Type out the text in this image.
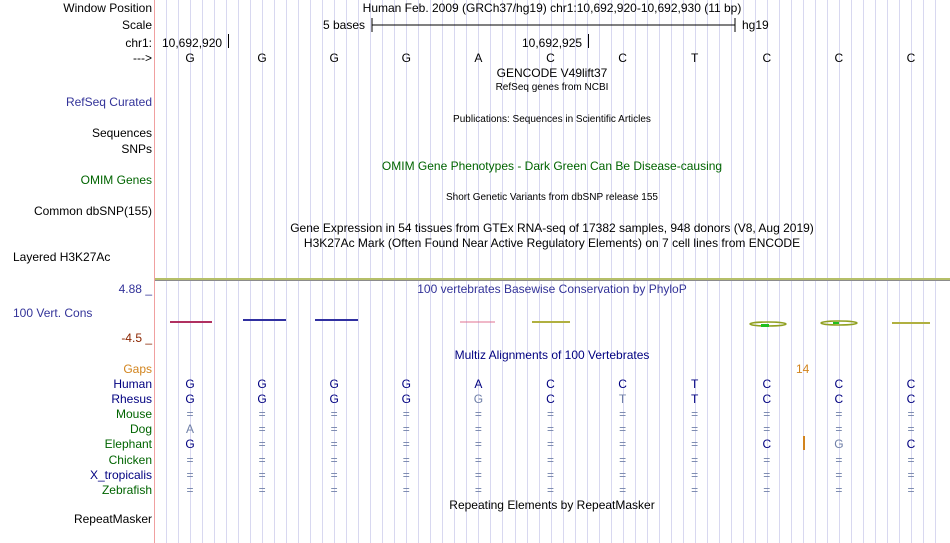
Window Position	Human Feb. 2009 (GRCh37/hg19) chr1:10,692,920-10,692,930 (11 bp)
Scale	5 bases	hg19
chr1: 10,692,920	10,692,925
--->	G	G	G	G	A	C	C	T	C	C	C
GENCODE V49lift37
RefSeq genes from NCBI
RefSeq Curated
Publications: Sequences in Scientific Articles
Sequences
SNPs
OMIM Gene Phenotypes - Dark Green Can Be Disease-causing
OMIM Genes
Short Genetic Variants from dbSNP release 155
Common dbSNP(155)
Gene Expression in 54 tissues from GTEx RNA-seq of 17382 samples, 948 donors (V8, Aug 2019)
H3K27Ac Mark (Often Found Near Active Regulatory Elements) on 7 cell lines from ENCODE
Layered H3K27Ac
4.88 _	100 vertebrates Basewise Conservation by PhyloP
100 Vert. Cons
-4.5 _
Multiz Alignments of 100 Vertebrates
Gaps	14
Human	G	G	G	G	A	C	C	T	C	C	C
Rhesus	G	G	G	G	G	C	T	T	C	C	C
Mouse	=	=	=	=	=	=	=	=	=	=	=
Dog	A	=	=	=	=	=	=	=	=	=	=
Elephant	G	=	=	=	=	=	=	=	C	G	C
Chicken	=	=	=	=	=	=	=	=	=	=	=
X_tropicalis	=	=	=	=	=	=	=	=	=	=	=
Zebrafish	=	=	=	=	=	=	=	=	=	=	=
Repeating Elements by RepeatMasker
RepeatMasker
